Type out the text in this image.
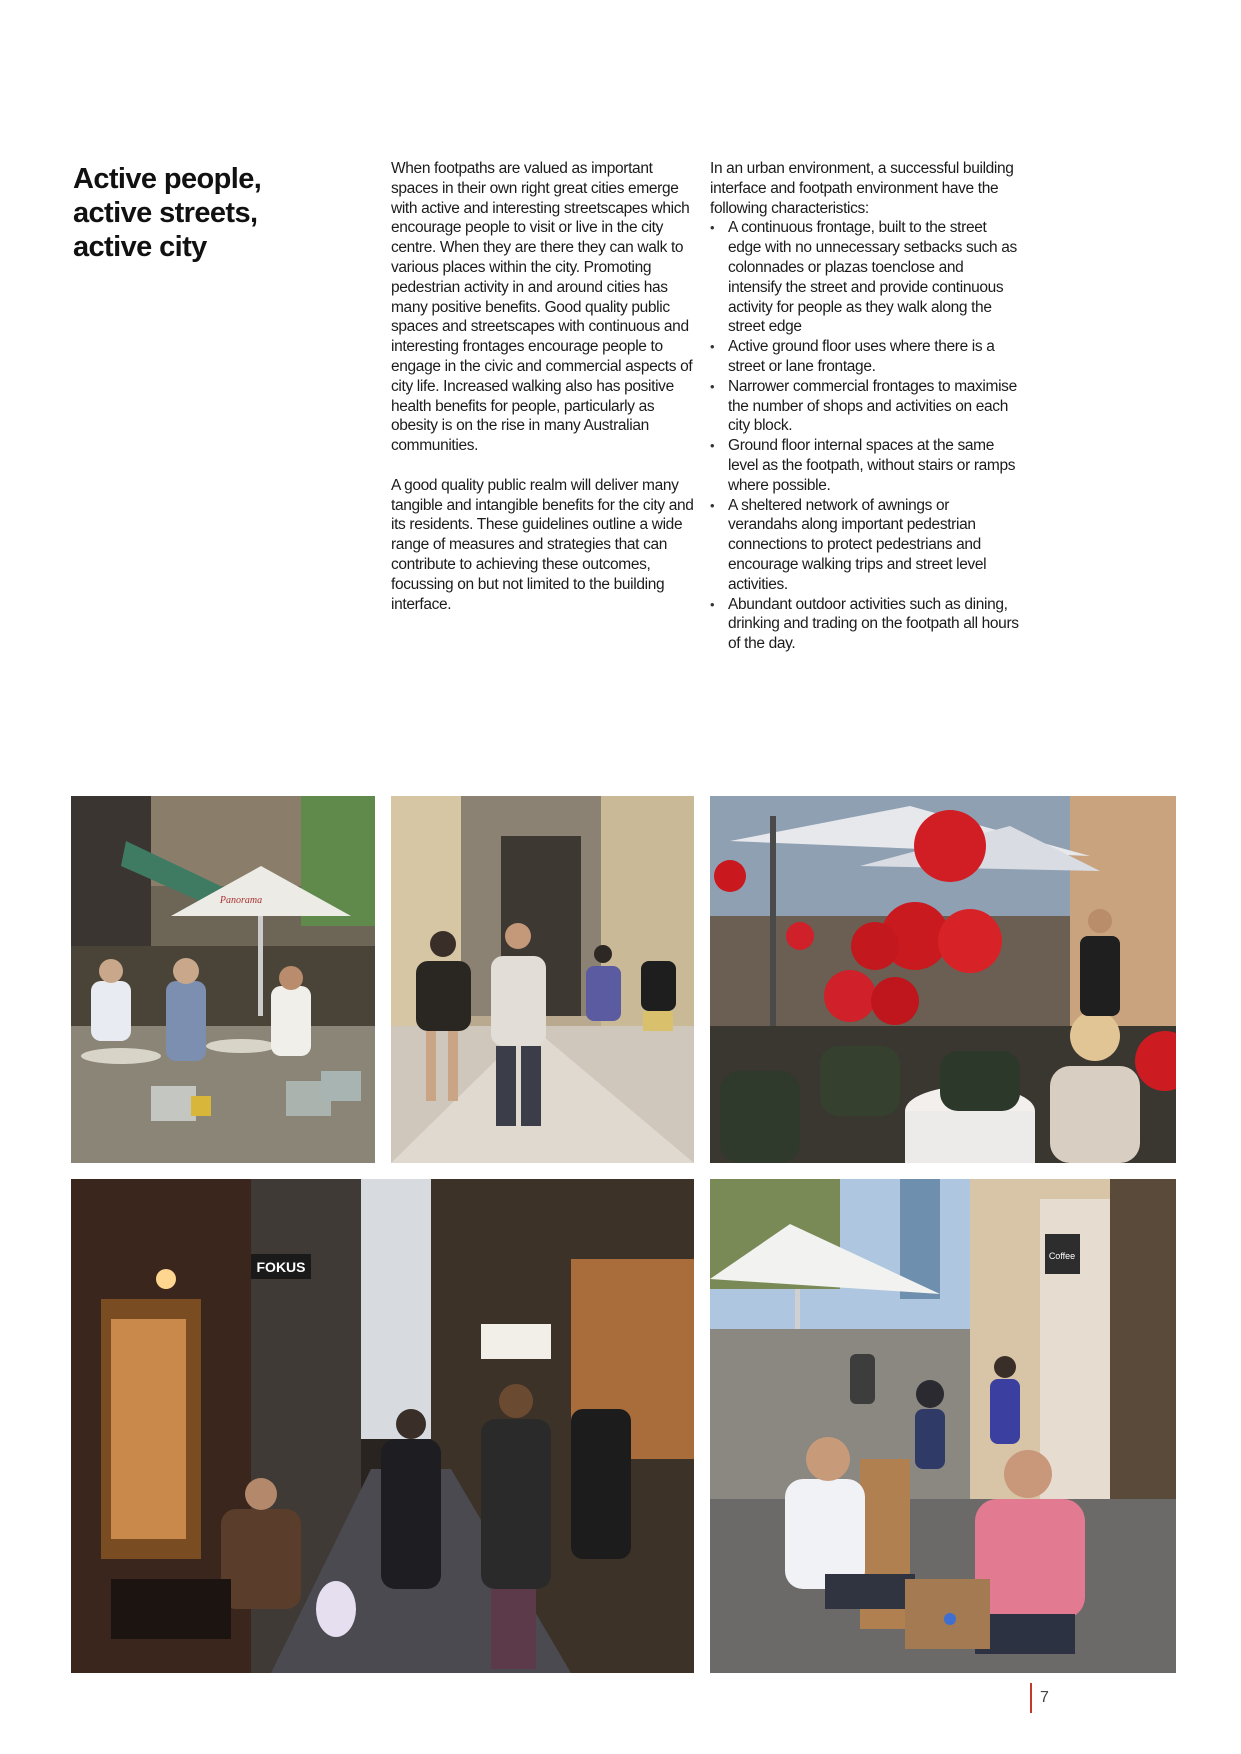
Active people,
active streets,
active city

When footpaths are valued as important spaces in their own right great cities emerge with active and interesting streetscapes which encourage people to visit or live in the city centre. When they are there they can walk to various places within the city. Promoting pedestrian activity in and around cities has many positive benefits. Good quality public spaces and streetscapes with continuous and interesting frontages encourage people to engage in the civic and commercial aspects of city life. Increased walking also has positive health benefits for people, particularly as obesity is on the rise in many Australian communities.

A good quality public realm will deliver many tangible and intangible benefits for the city and its residents. These guidelines outline a wide range of measures and strategies that can contribute to achieving these outcomes, focussing on but not limited to the building interface.

In an urban environment, a successful building interface and footpath environment have the following characteristics:

• A continuous frontage, built to the street edge with no unnecessary setbacks such as colonnades or plazas toenclose and intensify the street and provide continuous activity for people as they walk along the street edge
• Active ground floor uses where there is a street or lane frontage.
• Narrower commercial frontages to maximise the number of shops and activities on each city block.
• Ground floor internal spaces at the same level as the footpath, without stairs or ramps where possible.
• A sheltered network of awnings or verandahs along important pedestrian connections to protect pedestrians and encourage walking trips and street level activities.
• Abundant outdoor activities such as dining, drinking and trading on the footpath all hours of the day.
Panorama
FOKUS
Coffee
7
